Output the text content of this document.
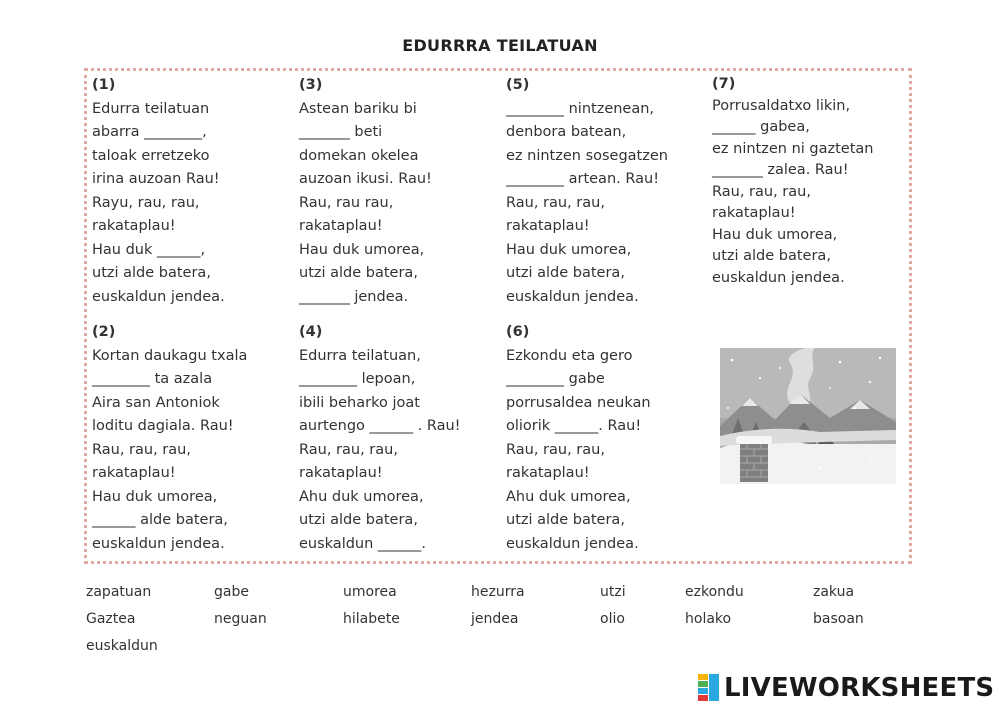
EDURRRA TEILATUAN
(1)
Edurra teilatuan
abarra ________,
taloak erretzeko
irina auzoan Rau!
Rayu, rau, rau,
rakataplau!
Hau duk ______,
utzi alde batera,
euskaldun jendea.
(2)
Kortan daukagu txala
________ ta azala
Aira san Antoniok
loditu dagiala. Rau!
Rau, rau, rau,
rakataplau!
Hau duk umorea,
______ alde batera,
euskaldun jendea.
(3)
Astean bariku bi
_______ beti
domekan okelea
auzoan ikusi. Rau!
Rau, rau rau,
rakataplau!
Hau duk umorea,
utzi alde batera,
_______ jendea.
(4)
Edurra teilatuan,
________ lepoan,
ibili beharko joat
aurtengo ______ . Rau!
Rau, rau, rau,
rakataplau!
Ahu duk umorea,
utzi alde batera,
euskaldun ______.
(5)
________ nintzenean,
denbora batean,
ez nintzen sosegatzen
________ artean. Rau!
Rau, rau, rau,
rakataplau!
Hau duk umorea,
utzi alde batera,
euskaldun jendea.
(6)
Ezkondu eta gero
________ gabe
porrusaldea neukan
oliorik ______. Rau!
Rau, rau, rau,
rakataplau!
Ahu duk umorea,
utzi alde batera,
euskaldun jendea.
(7)
Porrusaldatxo likin,
______ gabea,
ez nintzen ni gaztetan
_______ zalea. Rau!
Rau, rau, rau,
rakataplau!
Hau duk umorea,
utzi alde batera,
euskaldun jendea.
zapatuan	gabe	umorea	hezurra	utzi	ezkondu	zakua
Gaztea	neguan	hilabete	jendea	olio	holako	basoan
euskaldun
LIVEWORKSHEETS
